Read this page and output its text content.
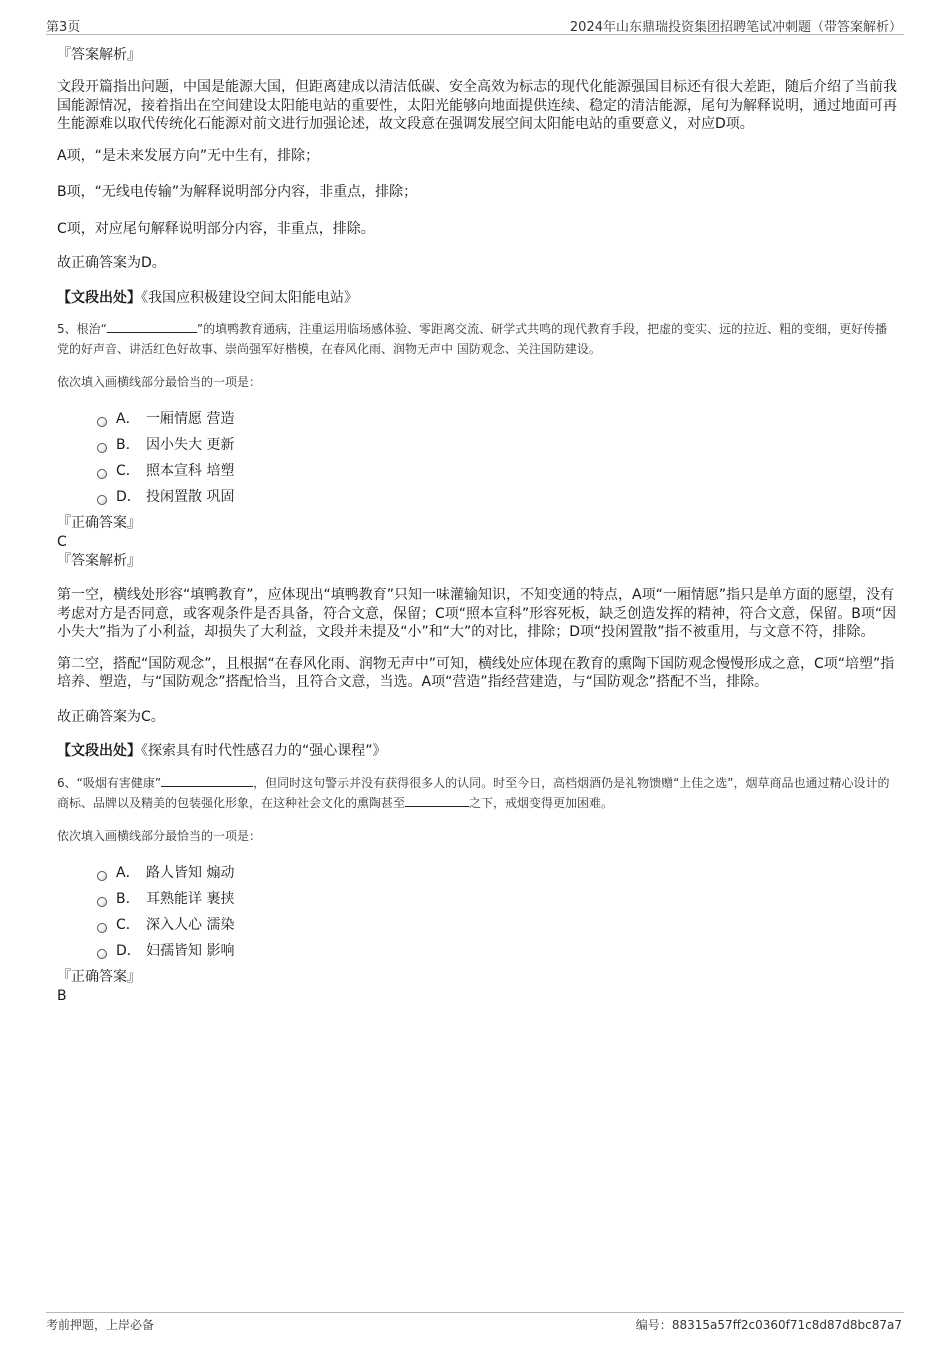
第3页	2024年山东鼎瑞投资集团招聘笔试冲刺题（带答案解析）
『答案解析』

文段开篇指出问题，中国是能源大国，但距离建成以清洁低碳、安全高效为标志的现代化能源强国目标还有很大差距，随后介绍了当前我国能源情况，接着指出在空间建设太阳能电站的重要性，太阳光能够向地面提供连续、稳定的清洁能源，尾句为解释说明，通过地面可再生能源难以取代传统化石能源对前文进行加强论述，故文段意在强调发展空间太阳能电站的重要意义，对应D项。

A项，“是未来发展方向”无中生有，排除；

B项，“无线电传输”为解释说明部分内容，非重点，排除；

C项，对应尾句解释说明部分内容，非重点，排除。

故正确答案为D。

【文段出处】《我国应积极建设空间太阳能电站》

5、根治“	”的填鸭教育通病，注重运用临场感体验、零距离交流、研学式共鸣的现代教育手段，把虚的变实、远的拉近、粗的变细，更好传播党的好声音、讲活红色好故事、崇尚强军好楷模，在春风化雨、润物无声中 国防观念、关注国防建设。

依次填入画横线部分最恰当的一项是：

A． 一厢情愿 营造
B.	因小失大 更新
C． 照本宣科 培塑
D． 投闲置散 巩固
『正确答案』
C
『答案解析』

第一空，横线处形容“填鸭教育”，应体现出“填鸭教育”只知一味灌输知识，不知变通的特点，A项“一厢情愿”指只是单方面的愿望，没有考虑对方是否同意，或客观条件是否具备，符合文意，保留；C项“照本宣科”形容死板，缺乏创造发挥的精神，符合文意，保留。B项“因小失大”指为了小利益，却损失了大利益，文段并未提及“小”和“大”的对比，排除；D项“投闲置散”指不被重用，与文意不符，排除。

第二空，搭配“国防观念”，且根据“在春风化雨、润物无声中”可知，横线处应体现在教育的熏陶下国防观念慢慢形成之意，C项“培塑”指培养、塑造，与“国防观念”搭配恰当，且符合文意，当选。A项“营造”指经营建造，与“国防观念”搭配不当，排除。

故正确答案为C。

【文段出处】《探索具有时代性感召力的“强心课程”》

6、“吸烟有害健康”	，但同时这句警示并没有获得很多人的认同。时至今日，高档烟酒仍是礼物馈赠“上佳之选”，烟草商品也通过精心设计的商标、品牌以及精美的包装强化形象，在这种社会文化的熏陶甚至	之下，戒烟变得更加困难。

依次填入画横线部分最恰当的一项是：

A． 路人皆知 煽动
B.	耳熟能详 裹挟
C． 深入人心 濡染
D． 妇孺皆知 影响
『正确答案』
B
考前押题，上岸必备	编号：88315a57ff2c0360f71c8d87d8bc87a7
